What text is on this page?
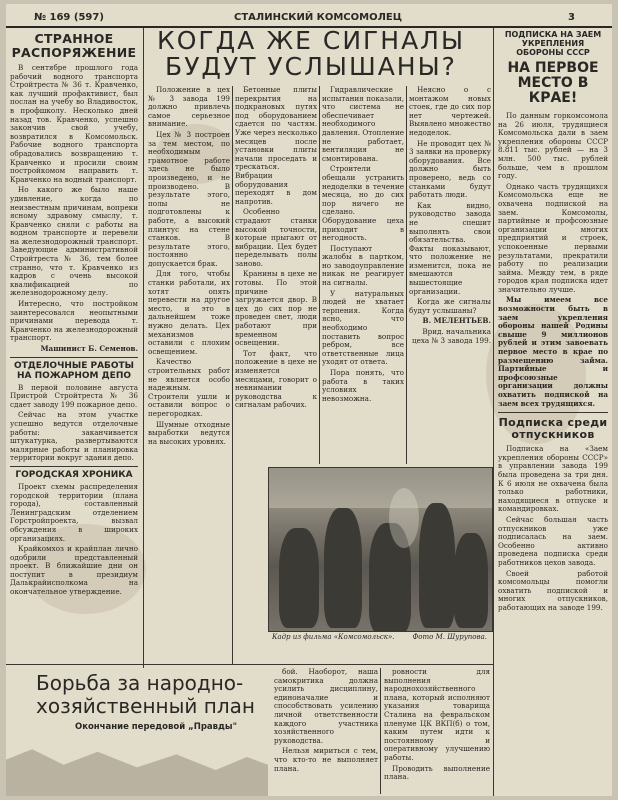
№ 169 (597)	СТАЛИНСКИЙ КОМСОМОЛЕЦ	3
СТРАННОЕ РАСПОРЯЖЕНИЕ

В сентябре прошлого года рабочий водного транспорта Стройтреста № 36 т. Кравченко, как лучший профактивист, был послан на учебу во Владивосток, в профшколу. Несколько дней назад тов. Кравченко, успешно закончив свой учебу, возвратился в Комсомольск. Рабочие водного транспорта обрадовались возвращению т. Кравченко и просили своим постройкомом направить т. Кравченко на водный транспорт.

Но какого же было наше удивление, когда по неизвестным причинам, вопреки ясному здравому смыслу, т. Кравченко сняли с работы на водном транспорте и перевели на железнодорожный транспорт. Заведующие административной Стройтреста № 36, тем более странно, что т. Кравченко из кадров с очень высокой квалификацией по железнодорожному делу.

Интересно, что постройком заинтересовался неопытными причинами перевода т. Кравченко на железнодорожный транспорт.

Машинист Б. Семенов.

ОТДЕЛОЧНЫЕ РАБОТЫ НА ПОЖАРНОМ ДЕПО

В первой половине августа Пристрой Стройтреста № 36 сдает заводу 199 пожарное депо.

Сейчас на этом участке успешно ведутся отделочные работы: заканчивается штукатурка, развертываются малярные работы и планировка территории вокруг здания депо.

ГОРОДСКАЯ ХРОНИКА

Проект схемы распределения городской территории (плана города), составленный Ленинградским отделением Горстройпроекта, вызвал обсуждения в широких организациях.

Крайкомхоз и крайплан лично одобрили представленный проект. В ближайшие дни он поступит в президиум Далькрайисполкома на окончательное утверждение.

КОГДА ЖЕ СИГНАЛЫ БУДУТ УСЛЫШАНЫ?

Положение в цех № 3 завода 199 должно привлечь самое серьезное внимание.

Цех № 3 построен за тем местом, по необходимым грамотное работе здесь не было произведено, и не производено. В результате этого, полы не подготовлены к работе, а высокий плинтус на стене станков. В результате этого, постоянно допускается брак.

Для того, чтобы станки работали, их хотят опять перевести на другое место, и это в дальнейшем тоже нужно делать. Цех механизмов оставили с плохим освещением.

Качество строительных работ не является особо надежным. Строители ушли и оставили вопрос о перегородках.

Шумные отходные выработки ведутся на высоких уровнях.

Бетонные плиты перекрытия на подкрановых путях под оборудованием сдается по частям. Уже через несколько месяцев после установки плиты начали проседать и трескаться. Вибрации оборудования переходят в дом напротив.

Особенно страдают станки высокой точности, которые прыгают от вибрации. Цех будет переделывать полы заново.

Кранины в цехе не готовы. По этой причине загружается двор. В цех до сих пор не проведен свет, люди работают при временном освещении.

Тот факт, что положение в цехе не изменяется месяцами, говорит о невнимании руководства к сигналам рабочих.

Гидравлические испытания показали, что система не обеспечивает необходимого давления. Отопление не работает, вентиляция не смонтирована.

Строители обещали устранить недоделки в течение месяца, но до сих пор ничего не сделано. Оборудование цеха приходит в негодность.

Поступают жалобы в партком, но заводоуправление никак не реагирует на сигналы.

У натуральных людей не хватает терпения. Когда ясно, что необходимо поставить вопрос ребром, все ответственные лица уходят от ответа.

Пора понять, что работа в таких условиях невозможна.

Неясно о с монтажом новых стоек, где до сих пор нет чертежей. Выявлено множество недоделок.

Не проводят цех № 3 заявки на проверку оборудования. Все должно быть проверено, ведь со станками будут работать люди.

Как видно, руководство завода не спешит выполнять свои обязательства. Факты показывают, что положение не изменится, пока не вмешаются вышестоящие организации.

Когда же сигналы будут услышаны?

В. МЕЛЕНТЬЕВ.

Врид. начальника цеха № 3 завода 199.

Кадр из фильма «Комсомольск».	Фото М. Шурупова.

ПОДПИСКА НА ЗАЕМ УКРЕПЛЕНИЯ ОБОРОНЫ СССР

НА ПЕРВОЕ МЕСТО В КРАЕ!

По данным горкомсомола на 26 июля, трудящиеся Комсомольска дали в заем укрепления обороны СССР 8.811 тыс. рублей — на 3 млн. 500 тыс. рублей больше, чем в прошлом году.

Однако часть трудящихся Комсомольска еще не охвачена подпиской на заем. Комсомолы, партийные и профсоюзные организации многих предприятий и строек, успокоенные первыми результатами, прекратили работу по реализации займа. Между тем, в ряде городов края подписка идет значительно лучше.

Мы имеем все возможности быть в заем укрепления обороны нашей Родины свыше 9 миллионов рублей и этим завоевать первое место в крае по размещению займа. Партийные и профсоюзные организации должны охватить подпиской на заем всех трудящихся.

Подписка среди отпускников

Подписка на «Заем укрепления обороны СССР» в управлении завода 199 была проведена за три дня. К 6 июля не охвачена была только работники, находящиеся в отпуске и командировках.

Сейчас большая часть отпускников уже подписалась на заем. Особенно активно проведена подписка среди работников цехов завода.

Своей работой комсомольцы помогли охватить подпиской и многих отпускников, работающих на заводе 199.

Борьба за народно-хозяйственный план
Окончание передовой „Правды"

бой. Наоборот, наша самокритика должна усилить дисциплину, единоначалие и способствовать усилению личной ответственности каждого участника хозяйственного руководства.

Нельзя мириться с тем, что кто-то не выполняет плана.

ровности для выполнения народнохозяйственного плана, который исполняют указания товарища Сталина на февральском пленуме ЦК ВКП(б) о том, каким путем идти к постоянному и оперативному улучшению работы.

Проводить выполнение плана.
